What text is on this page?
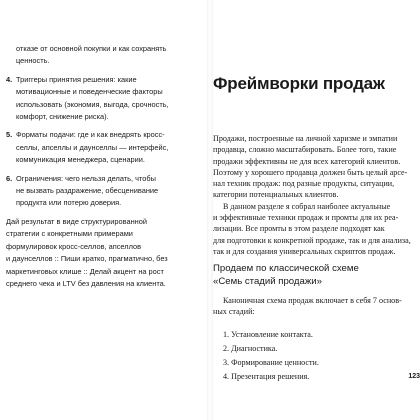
отказе от основной покупки и как сохранять
ценность.
4. Триггеры принятия решения: какие
мотивационные и поведенческие факторы
использовать (экономия, выгода, срочность,
комфорт, снижение риска).
5. Форматы подачи: где и как внедрять кросс-
селлы, апселлы и даунселлы — интерфейс,
коммуникация менеджера, сценарии.
6. Ограничения: чего нельзя делать, чтобы
не вызвать раздражение, обесценивание
продукта или потерю доверия.
Дай результат в виде структурированной
стратегии с конкретными примерами
формулировок кросс-селлов, апселлов
и даунселлов :: Пиши кратко, прагматично, без
маркетинговых клише :: Делай акцент на рост
среднего чека и LTV без давления на клиента.
Фреймворки продаж

Продажи, построенные на личной харизме и эмпатии

продавца, сложно масштабировать. Более того, такие

продажи эффективны не для всех категорий клиентов.

Поэтому у хорошего продавца должен быть целый арсе-

нал техник продаж: под разные продукты, ситуации,

категории потенциальных клиентов.

В данном разделе я собрал наиболее актуальные

и эффективные техники продаж и промты для их реа-

лизации. Все промты в этом разделе подходят как

для подготовки к конкретной продаже, так и для анализа,

так и для создания универсальных скриптов продаж.

Продаем по классической схеме
«Семь стадий продажи»
Каноничная схема продаж включает в себя 7 основ-
ных стадий:
1. Установление контакта.
2. Диагностика.
3. Формирование ценности.
4. Презентация решения.	123
